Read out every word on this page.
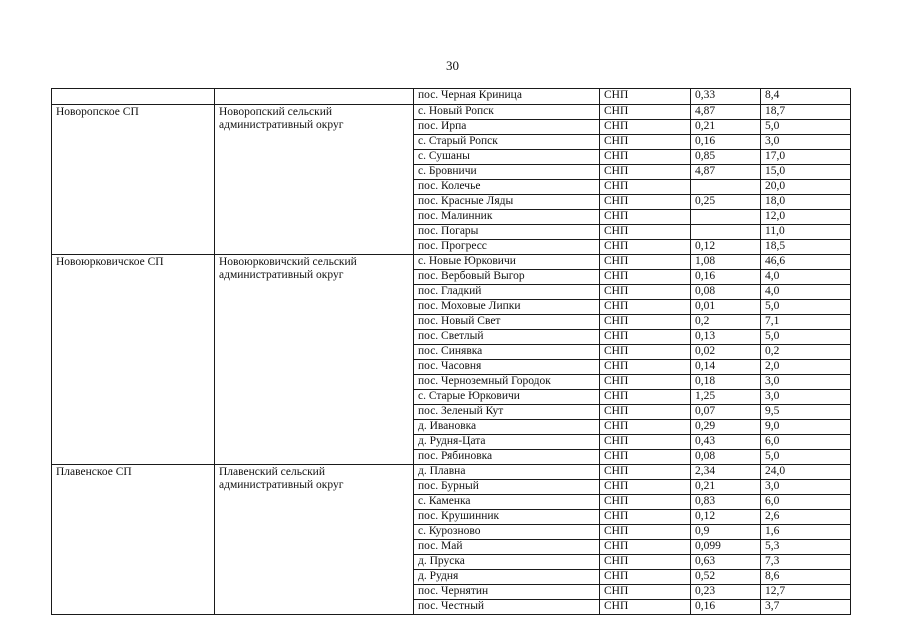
30
		пос. Черная Криница	СНП	0,33	8,4
Новоропское СП	Новоропский сельский административный округ	с. Новый Ропск	СНП	4,87	18,7
		пос. Ирпа	СНП	0,21	5,0
		с. Старый Ропск	СНП	0,16	3,0
		с. Сушаны	СНП	0,85	17,0
		с. Бровничи	СНП	4,87	15,0
		пос. Колечье	СНП		20,0
		пос. Красные Ляды	СНП	0,25	18,0
		пос. Малинник	СНП		12,0
		пос. Погары	СНП		11,0
		пос. Прогресс	СНП	0,12	18,5
Новоюрковичское СП	Новоюрковичский сельский административный округ	с. Новые Юрковичи	СНП	1,08	46,6
		пос. Вербовый Выгор	СНП	0,16	4,0
		пос. Гладкий	СНП	0,08	4,0
		пос. Моховые Липки	СНП	0,01	5,0
		пос. Новый Свет	СНП	0,2	7,1
		пос. Светлый	СНП	0,13	5,0
		пос. Синявка	СНП	0,02	0,2
		пос. Часовня	СНП	0,14	2,0
		пос. Черноземный Городок	СНП	0,18	3,0
		с. Старые Юрковичи	СНП	1,25	3,0
		пос. Зеленый Кут	СНП	0,07	9,5
		д. Ивановка	СНП	0,29	9,0
		д. Рудня-Цата	СНП	0,43	6,0
		пос. Рябиновка	СНП	0,08	5,0
Плавенское СП	Плавенский сельский административный округ	д. Плавна	СНП	2,34	24,0
		пос. Бурный	СНП	0,21	3,0
		с. Каменка	СНП	0,83	6,0
		пос. Крушинник	СНП	0,12	2,6
		с. Курозново	СНП	0,9	1,6
		пос. Май	СНП	0,099	5,3
		д. Пруска	СНП	0,63	7,3
		д. Рудня	СНП	0,52	8,6
		пос. Чернятин	СНП	0,23	12,7
		пос. Честный	СНП	0,16	3,7
